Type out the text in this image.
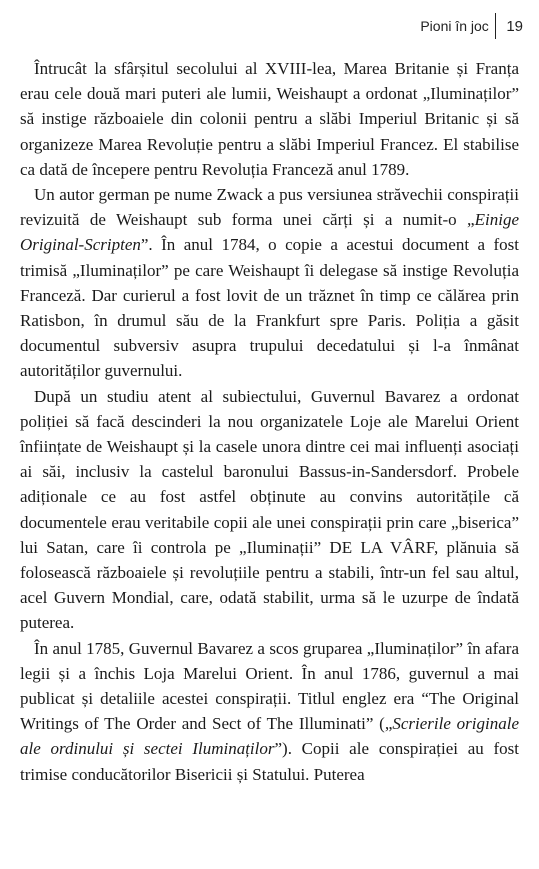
Pioni în joc 19

Întrucât la sfârșitul secolului al XVIII-lea, Marea Britanie și Franța erau cele două mari puteri ale lumii, Weishaupt a ordonat „Iluminaților” să instige războaiele din colonii pentru a slăbi Imperiul Britanic și să organizeze Marea Revoluție pentru a slăbi Imperiul Francez. El stabilise ca dată de începere pentru Revoluția Franceză anul 1789.

Un autor german pe nume Zwack a pus versiunea străvechii conspirații revizuită de Weishaupt sub forma unei cărți și a numit-o „Einige Original-Scripten”. În anul 1784, o copie a acestui document a fost trimisă „Iluminaților” pe care Weishaupt îi delegase să instige Revoluția Franceză. Dar curierul a fost lovit de un trăznet în timp ce călărea prin Ratisbon, în drumul său de la Frankfurt spre Paris. Poliția a găsit documentul subversiv asupra trupului decedatului și l-a înmânat autorităților guvernului.

După un studiu atent al subiectului, Guvernul Bavarez a ordonat poliției să facă descinderi la nou organizatele Loje ale Marelui Orient înființate de Weishaupt și la casele unora dintre cei mai influenți asociați ai săi, inclusiv la castelul baronului Bassus-in-Sandersdorf. Probele adiționale ce au fost astfel obținute au convins autoritățile că documentele erau veritabile copii ale unei conspirații prin care „biserica” lui Satan, care îi controla pe „Iluminații” DE LA VÂRF, plănuia să folosească războaiele și revoluțiile pentru a stabili, într-un fel sau altul, acel Guvern Mondial, care, odată stabilit, urma să le uzurpe de îndată puterea.

În anul 1785, Guvernul Bavarez a scos gruparea „Iluminaților” în afara legii și a închis Loja Marelui Orient. În anul 1786, guvernul a mai publicat și detaliile acestei conspirații. Titlul englez era “The Original Writings of The Order and Sect of The Illuminati” („Scrierile originale ale ordinului și sectei Iluminaților”). Copii ale conspirației au fost trimise conducătorilor Bisericii și Statului. Puterea
